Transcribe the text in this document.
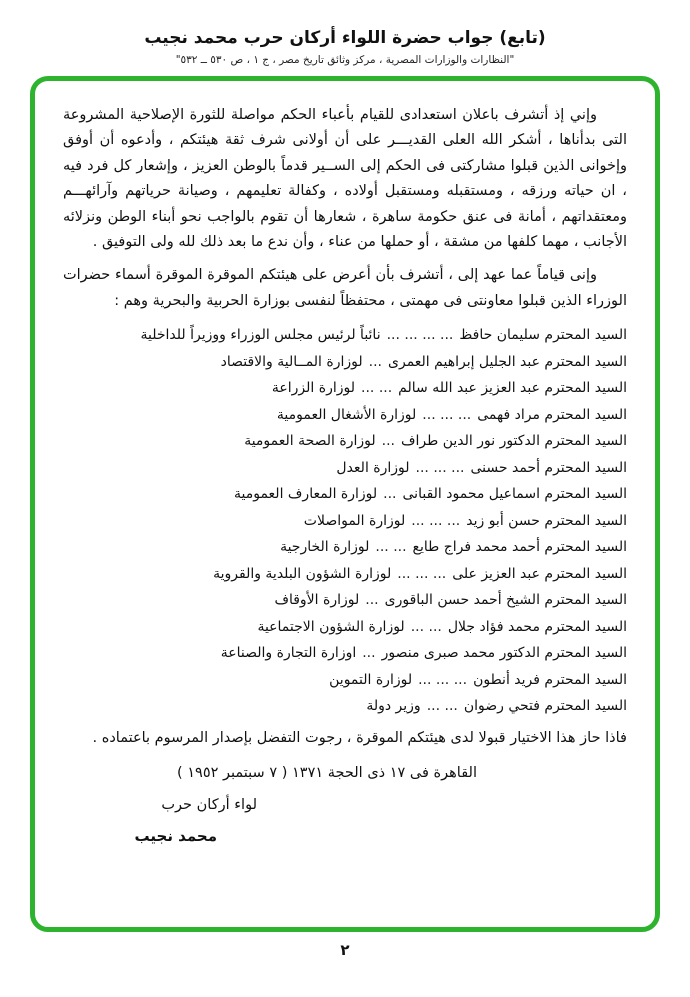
(تابع) جواب حضرة اللواء أركان حرب محمد نجيب
"النظارات والوزارات المصرية ، مركز وثائق تاريخ مصر ، ج ١ ، ص ٥٣٠ ــ ٥٣٢"

وإني إذ أتشرف باعلان استعدادى للقيام بأعباء الحكم مواصلة للثورة الإصلاحية المشروعة التى بدأناها ، أشكر الله العلى القديـــر على أن أولانى شرف ثقة هيئتكم ، وأدعوه أن أوفق وإخوانى الذين قبلوا مشاركتى فى الحكم إلى الســير قدماً بالوطن العزيز ، وإشعار كل فرد فيه ، ان حياته ورزقه ، ومستقبله ومستقبل أولاده ، وكفالة تعليمهم ، وصيانة حرياتهم وآرائهـــم ومعتقداتهم ، أمانة فى عنق حكومة ساهرة ، شعارها أن تقوم بالواجب نحو أبناء الوطن ونزلائه الأجانب ، مهما كلفها من مشقة ، أو حملها من عناء ، وأن ندع ما بعد ذلك لله ولى التوفيق .

وإنى قياماً عما عهد إلى ، أتشرف بأن أعرض على هيئتكم الموقرة الموقرة أسماء حضرات الوزراء الذين قبلوا معاونتى فى مهمتى ، محتفظاً لنفسى بوزارة الحربية والبحرية وهم :

السيد المحترم سليمان حافظ... ... ... ...نائباً لرئيس مجلس الوزراء ووزيراً للداخلية
السيد المحترم عبد الجليل إبراهيم العمرى...لوزارة المــالية والاقتصاد
السيد المحترم عبد العزيز عبد الله سالم... ...لوزارة الزراعة
السيد المحترم مراد فهمى... ... ...لوزارة الأشغال العمومية
السيد المحترم الدكتور نور الدين طراف...لوزارة الصحة العمومية
السيد المحترم أحمد حسنى... ... ...لوزارة العدل
السيد المحترم اسماعيل محمود القبانى...لوزارة المعارف العمومية
السيد المحترم حسن أبو زيد... ... ...لوزارة المواصلات
السيد المحترم أحمد محمد فراج طايع... ...لوزارة الخارجية
السيد المحترم عبد العزيز على... ... ...لوزارة الشؤون البلدية والقروية
السيد المحترم الشيخ أحمد حسن الباقورى...لوزارة الأوقاف
السيد المحترم محمد فؤاد جلال... ...لوزارة الشؤون الاجتماعية
السيد المحترم الدكتور محمد صبرى منصور...اوزارة التجارة والصناعة
السيد المحترم فريد أنطون... ... ...لوزارة التموين
السيد المحترم فتحي رضوان... ...وزير دولة

فاذا حاز هذا الاختيار قبولا لدى هيئتكم الموقرة ، رجوت التفضل بإصدار المرسوم باعتماده .

القاهرة فى ١٧ ذى الحجة ١٣٧١ ( ٧ سبتمبر ١٩٥٢ )
لواء أركان حرب
محمد نجيب
٢
